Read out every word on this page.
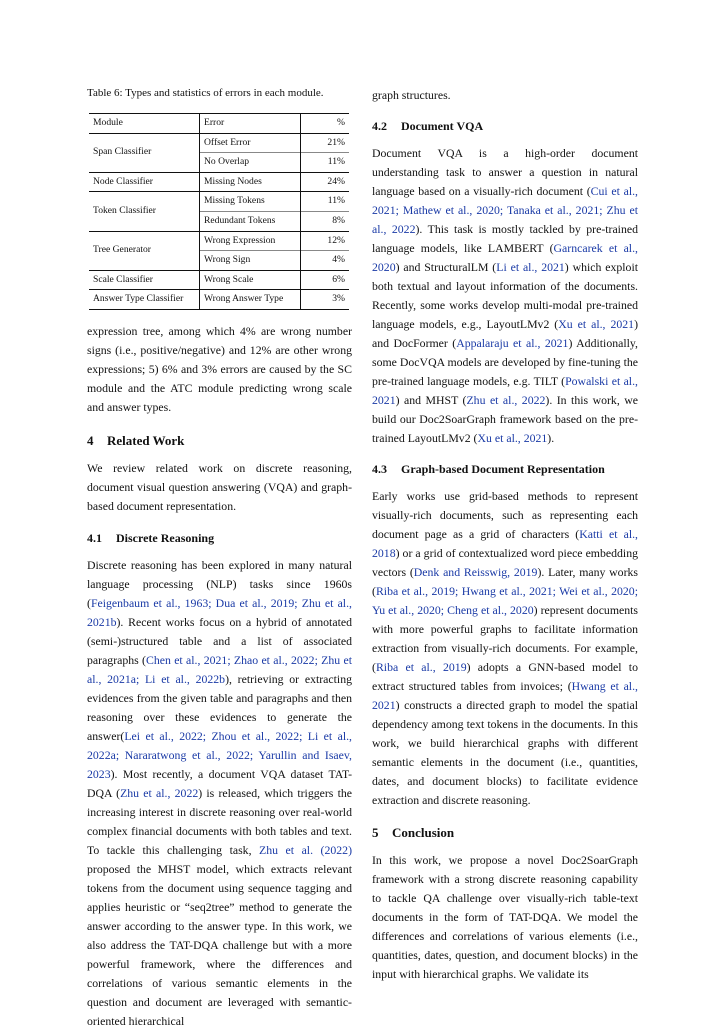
Table 6: Types and statistics of errors in each module.
Module	Error	%
Span Classifier	Offset Error	21%
	No Overlap	11%
Node Classifier	Missing Nodes	24%
Token Classifier	Missing Tokens	11%
	Redundant Tokens	8%
Tree Generator	Wrong Expression	12%
	Wrong Sign	4%
Scale Classifier	Wrong Scale	6%
Answer Type Classifier	Wrong Answer Type	3%

expression tree, among which 4% are wrong number signs (i.e., positive/negative) and 12% are other wrong expressions; 5) 6% and 3% errors are caused by the SC module and the ATC module predicting wrong scale and answer types.

4 Related Work

We review related work on discrete reasoning, document visual question answering (VQA) and graph-based document representation.

4.1 Discrete Reasoning

Discrete reasoning has been explored in many natural language processing (NLP) tasks since 1960s (Feigenbaum et al., 1963; Dua et al., 2019; Zhu et al., 2021b). Recent works focus on a hybrid of annotated (semi-)structured table and a list of associated paragraphs (Chen et al., 2021; Zhao et al., 2022; Zhu et al., 2021a; Li et al., 2022b), retrieving or extracting evidences from the given table and paragraphs and then reasoning over these evidences to generate the answer(Lei et al., 2022; Zhou et al., 2022; Li et al., 2022a; Nararatwong et al., 2022; Yarullin and Isaev, 2023). Most recently, a document VQA dataset TAT-DQA (Zhu et al., 2022) is released, which triggers the increasing interest in discrete reasoning over real-world complex financial documents with both tables and text. To tackle this challenging task, Zhu et al. (2022) proposed the MHST model, which extracts relevant tokens from the document using sequence tagging and applies heuristic or “seq2tree” method to generate the answer according to the answer type. In this work, we also address the TAT-DQA challenge but with a more powerful framework, where the differences and correlations of various semantic elements in the question and document are leveraged with semantic-oriented hierarchical

graph structures.

4.2 Document VQA

Document VQA is a high-order document understanding task to answer a question in natural language based on a visually-rich document (Cui et al., 2021; Mathew et al., 2020; Tanaka et al., 2021; Zhu et al., 2022). This task is mostly tackled by pre-trained language models, like LAMBERT (Garncarek et al., 2020) and StructuralLM (Li et al., 2021) which exploit both textual and layout information of the documents. Recently, some works develop multi-modal pre-trained language models, e.g., LayoutLMv2 (Xu et al., 2021) and DocFormer (Appalaraju et al., 2021) Additionally, some DocVQA models are developed by fine-tuning the pre-trained language models, e.g. TILT (Powalski et al., 2021) and MHST (Zhu et al., 2022). In this work, we build our Doc2SoarGraph framework based on the pre-trained LayoutLMv2 (Xu et al., 2021).

4.3 Graph-based Document Representation

Early works use grid-based methods to represent visually-rich documents, such as representing each document page as a grid of characters (Katti et al., 2018) or a grid of contextualized word piece embedding vectors (Denk and Reisswig, 2019). Later, many works (Riba et al., 2019; Hwang et al., 2021; Wei et al., 2020; Yu et al., 2020; Cheng et al., 2020) represent documents with more powerful graphs to facilitate information extraction from visually-rich documents. For example, (Riba et al., 2019) adopts a GNN-based model to extract structured tables from invoices; (Hwang et al., 2021) constructs a directed graph to model the spatial dependency among text tokens in the documents. In this work, we build hierarchical graphs with different semantic elements in the document (i.e., quantities, dates, and document blocks) to facilitate evidence extraction and discrete reasoning.

5 Conclusion

In this work, we propose a novel Doc2SoarGraph framework with a strong discrete reasoning capability to tackle QA challenge over visually-rich table-text documents in the form of TAT-DQA. We model the differences and correlations of various elements (i.e., quantities, dates, question, and document blocks) in the input with hierarchical graphs. We validate its
